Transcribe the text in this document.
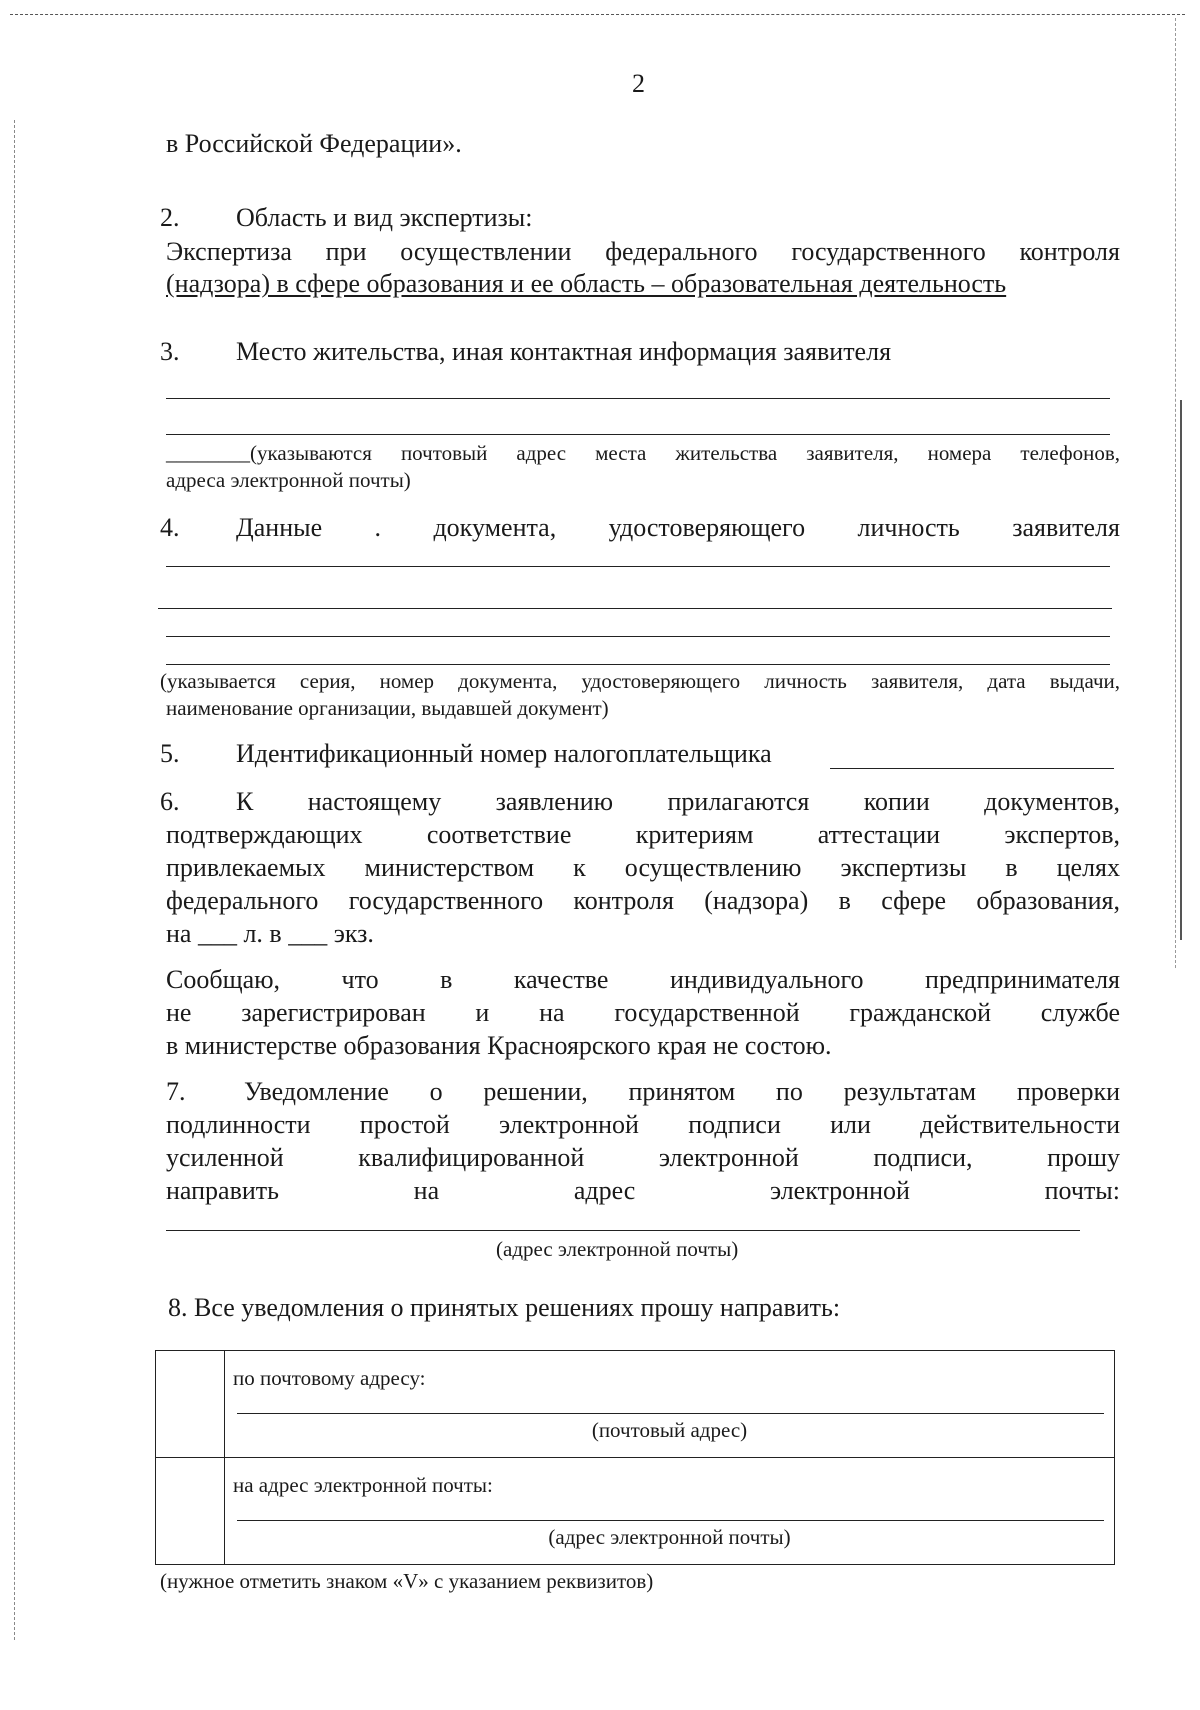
2
в Российской Федерации».
2. Область и вид экспертизы:
Экспертиза при осуществлении федерального государственного контроля
(надзора) в сфере образования и ее область – образовательная деятельность
3. Место жительства, иная контактная информация заявителя
________(указываются почтовый адрес места жительства заявителя, номера телефонов,
адреса электронной почты)
4. Данные . документа, удостоверяющего личность заявителя
(указывается серия, номер документа, удостоверяющего личность заявителя, дата выдачи,
наименование организации, выдавшей документ)
5. Идентификационный номер налогоплательщика
6. К настоящему заявлению прилагаются копии документов,
подтверждающих соответствие критериям аттестации экспертов,
привлекаемых министерством к осуществлению экспертизы в целях
федерального государственного контроля (надзора) в сфере образования,
на ___ л. в ___ экз.
Сообщаю, что в качестве индивидуального предпринимателя
не зарегистрирован и на государственной гражданской службе
в министерстве образования Красноярского края не состою.
7. Уведомление о решении, принятом по результатам проверки
подлинности простой электронной подписи или действительности
усиленной квалифицированной электронной подписи, прошу
направить на адрес электронной почты:
(адрес электронной почты)
8. Все уведомления о принятых решениях прошу направить:

	по почтовому адресу:
(почтовый адрес)

	на адрес электронной почты:
(адрес электронной почты)
(нужное отметить знаком «V» с указанием реквизитов)
